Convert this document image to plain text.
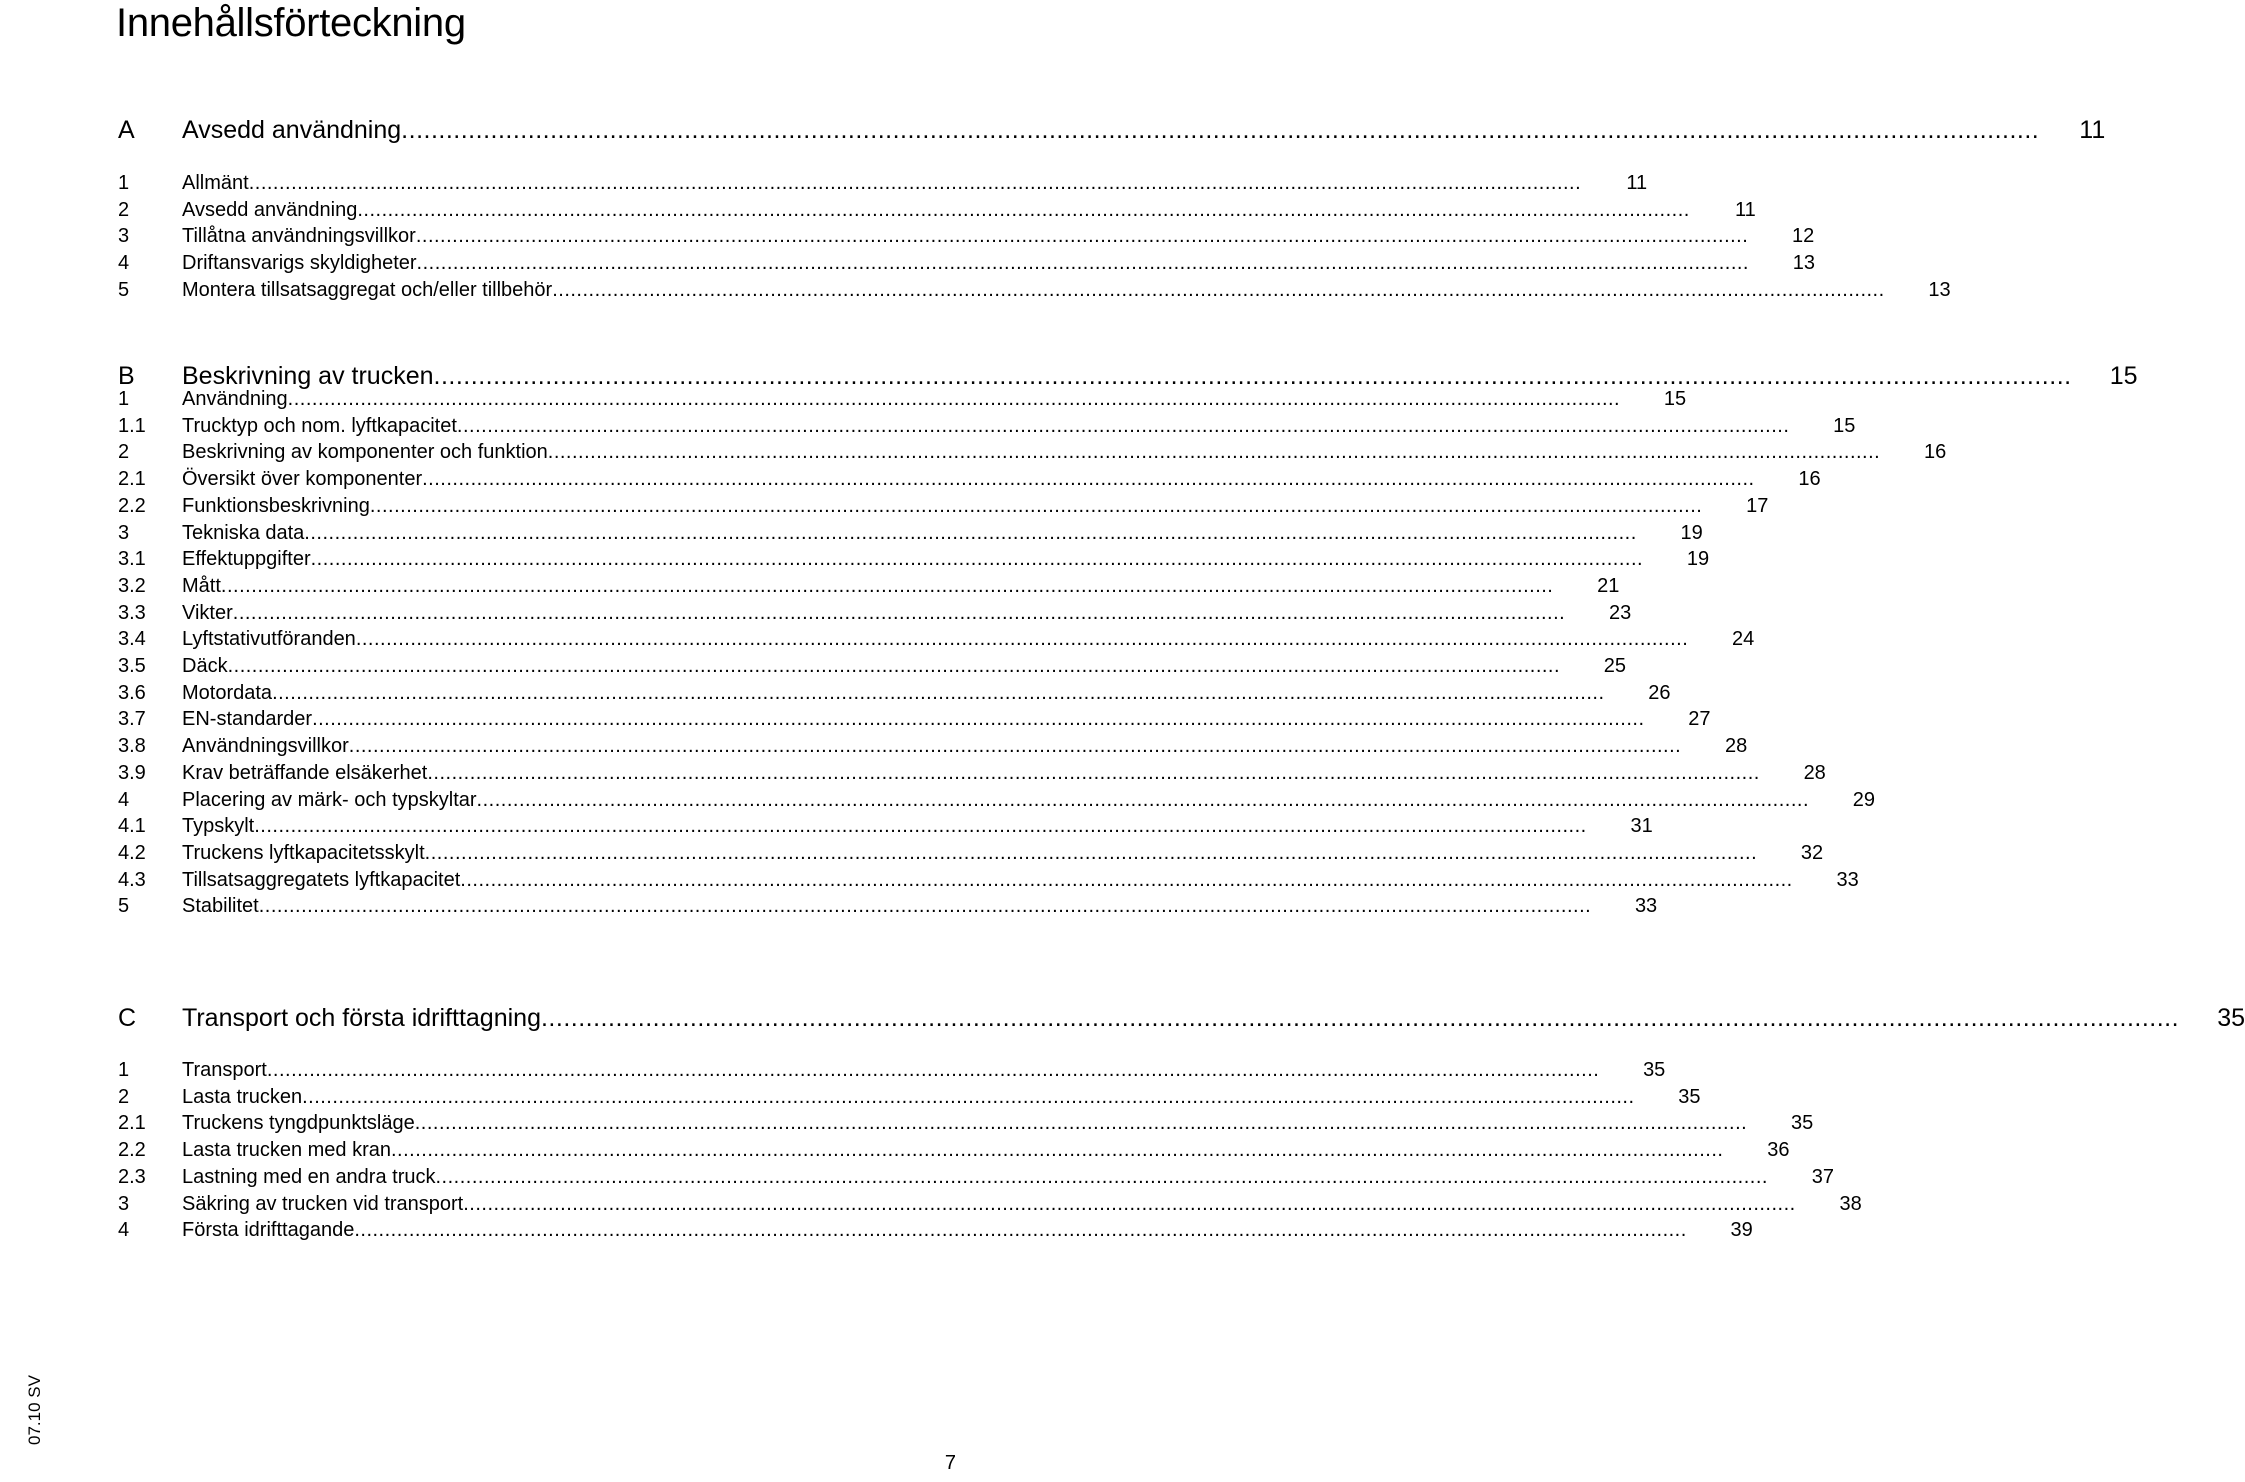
Innehållsförteckning
A	Avsedd användning ............................................................................................................................................................................................................................	11
1	Allmänt ............................................................................................................................................................................................................................	11
2	Avsedd användning ............................................................................................................................................................................................................................	11
3	Tillåtna användningsvillkor ............................................................................................................................................................................................................................	12
4	Driftansvarigs skyldigheter ............................................................................................................................................................................................................................	13
5	Montera tillsatsaggregat och/eller tillbehör ............................................................................................................................................................................................................................	13
B	Beskrivning av trucken ............................................................................................................................................................................................................................	15
1	Användning ............................................................................................................................................................................................................................	15
1.1	Trucktyp och nom. lyftkapacitet ............................................................................................................................................................................................................................	15
2	Beskrivning av komponenter och funktion ............................................................................................................................................................................................................................	16
2.1	Översikt över komponenter ............................................................................................................................................................................................................................	16
2.2	Funktionsbeskrivning ............................................................................................................................................................................................................................	17
3	Tekniska data ............................................................................................................................................................................................................................	19
3.1	Effektuppgifter ............................................................................................................................................................................................................................	19
3.2	Mått ............................................................................................................................................................................................................................	21
3.3	Vikter ............................................................................................................................................................................................................................	23
3.4	Lyftstativutföranden ............................................................................................................................................................................................................................	24
3.5	Däck ............................................................................................................................................................................................................................	25
3.6	Motordata ............................................................................................................................................................................................................................	26
3.7	EN-standarder ............................................................................................................................................................................................................................	27
3.8	Användningsvillkor ............................................................................................................................................................................................................................	28
3.9	Krav beträffande elsäkerhet ............................................................................................................................................................................................................................	28
4	Placering av märk- och typskyltar ............................................................................................................................................................................................................................	29
4.1	Typskylt ............................................................................................................................................................................................................................	31
4.2	Truckens lyftkapacitetsskylt ............................................................................................................................................................................................................................	32
4.3	Tillsatsaggregatets lyftkapacitet ............................................................................................................................................................................................................................	33
5	Stabilitet ............................................................................................................................................................................................................................	33
C	Transport och första idrifttagning ............................................................................................................................................................................................................................	35
1	Transport ............................................................................................................................................................................................................................	35
2	Lasta trucken ............................................................................................................................................................................................................................	35
2.1	Truckens tyngdpunktsläge ............................................................................................................................................................................................................................	35
2.2	Lasta trucken med kran ............................................................................................................................................................................................................................	36
2.3	Lastning med en andra truck ............................................................................................................................................................................................................................	37
3	Säkring av trucken vid transport ............................................................................................................................................................................................................................	38
4	Första idrifttagande ............................................................................................................................................................................................................................	39
07.10 SV
7
